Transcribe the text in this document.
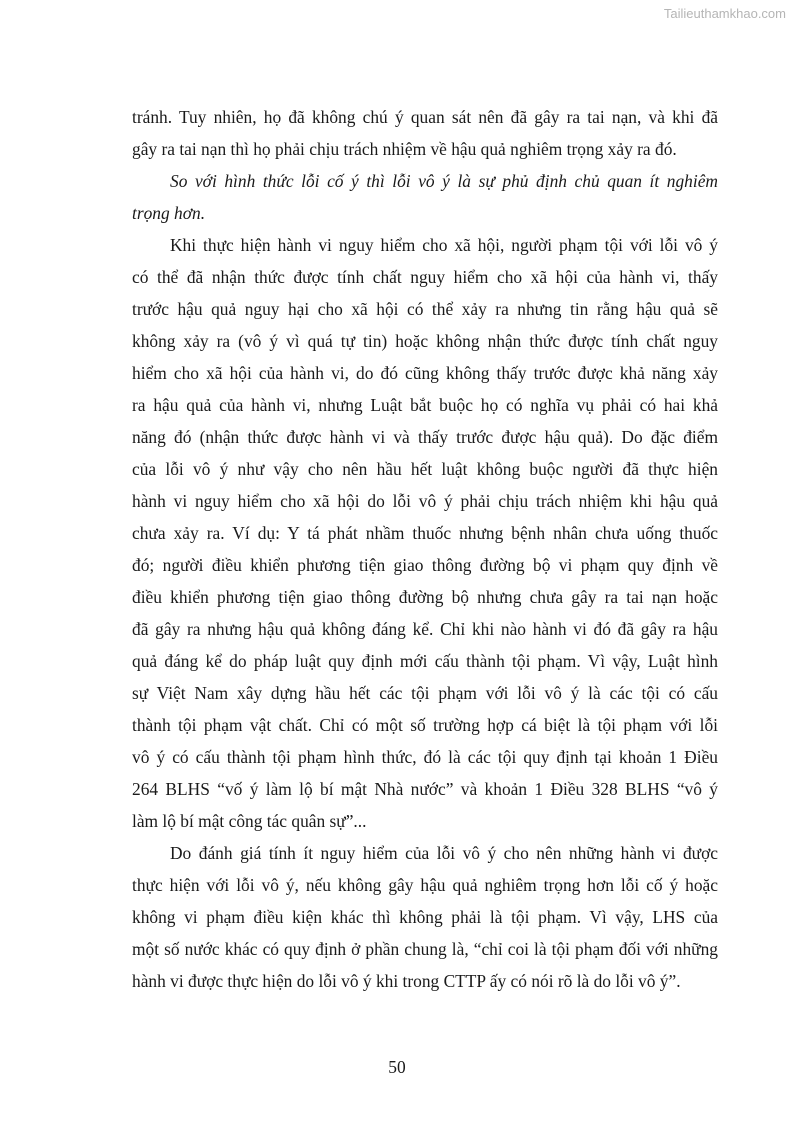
Tailieuthamkhao.com
tránh. Tuy nhiên, họ đã không chú ý quan sát nên đã gây ra tai nạn, và khi đã
gây ra tai nạn thì họ phải chịu trách nhiệm về hậu quả nghiêm trọng xảy ra đó.
So với hình thức lỗi cố ý thì lỗi vô ý là sự phủ định chủ quan ít nghiêm
trọng hơn.
Khi thực hiện hành vi nguy hiểm cho xã hội, người phạm tội với lỗi vô ý
có thể đã nhận thức được tính chất nguy hiểm cho xã hội của hành vi, thấy
trước hậu quả nguy hại cho xã hội có thể xảy ra nhưng tin rằng hậu quả sẽ
không xảy ra (vô ý vì quá tự tin) hoặc không nhận thức được tính chất nguy
hiểm cho xã hội của hành vi, do đó cũng không thấy trước được khả năng xảy
ra hậu quả của hành vi, nhưng Luật bắt buộc họ có nghĩa vụ phải có hai khả
năng đó (nhận thức được hành vi và thấy trước được hậu quả). Do đặc điểm
của lỗi vô ý như vậy cho nên hầu hết luật không buộc người đã thực hiện
hành vi nguy hiểm cho xã hội do lỗi vô ý phải chịu trách nhiệm khi hậu quả
chưa xảy ra. Ví dụ: Y tá phát nhầm thuốc nhưng bệnh nhân chưa uống thuốc
đó; người điều khiển phương tiện giao thông đường bộ vi phạm quy định về
điều khiển phương tiện giao thông đường bộ nhưng chưa gây ra tai nạn hoặc
đã gây ra nhưng hậu quả không đáng kể. Chỉ khi nào hành vi đó đã gây ra hậu
quả đáng kể do pháp luật quy định mới cấu thành tội phạm. Vì vậy, Luật hình
sự Việt Nam xây dựng hầu hết các tội phạm với lỗi vô ý là các tội có cấu
thành tội phạm vật chất. Chỉ có một số trường hợp cá biệt là tội phạm với lỗi
vô ý có cấu thành tội phạm hình thức, đó là các tội quy định tại khoản 1 Điều
264 BLHS “vố ý làm lộ bí mật Nhà nước” và khoản 1 Điều 328 BLHS “vô ý
làm lộ bí mật công tác quân sự”...
Do đánh giá tính ít nguy hiểm của lỗi vô ý cho nên những hành vi được
thực hiện với lỗi vô ý, nếu không gây hậu quả nghiêm trọng hơn lỗi cố ý hoặc
không vi phạm điều kiện khác thì không phải là tội phạm. Vì vậy, LHS của
một số nước khác có quy định ở phần chung là, “chỉ coi là tội phạm đối với những
hành vi được thực hiện do lỗi vô ý khi trong CTTP ấy có nói rõ là do lỗi vô ý”.
50
